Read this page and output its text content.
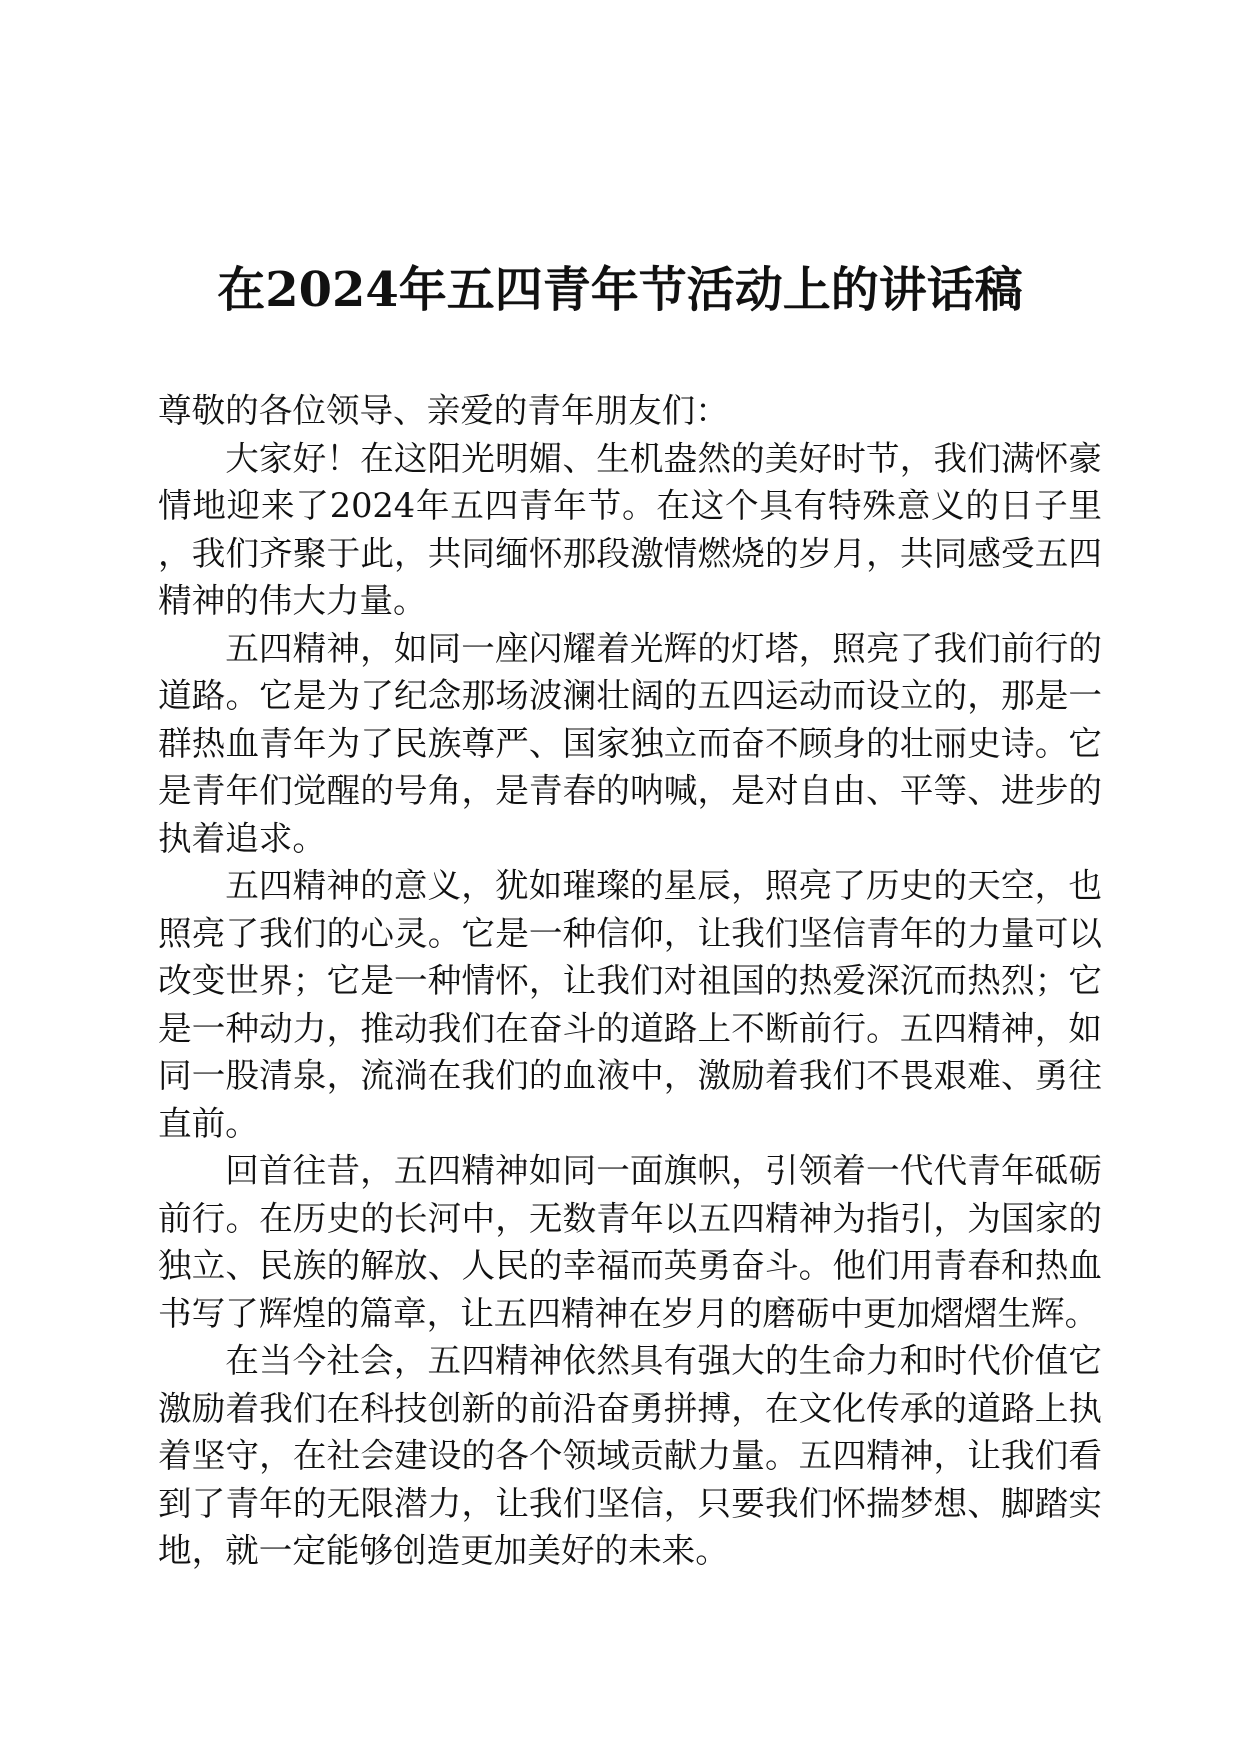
在2024年五四青年节活动上的讲话稿

尊敬的各位领导、亲爱的青年朋友们：

大家好！在这阳光明媚、生机盎然的美好时节，我们满怀豪情地迎来了2024年五四青年节。在这个具有特殊意义的日子里，我们齐聚于此，共同缅怀那段激情燃烧的岁月，共同感受五四精神的伟大力量。

五四精神，如同一座闪耀着光辉的灯塔，照亮了我们前行的道路。它是为了纪念那场波澜壮阔的五四运动而设立的，那是一群热血青年为了民族尊严、国家独立而奋不顾身的壮丽史诗。它是青年们觉醒的号角，是青春的呐喊，是对自由、平等、进步的执着追求。

五四精神的意义，犹如璀璨的星辰，照亮了历史的天空，也照亮了我们的心灵。它是一种信仰，让我们坚信青年的力量可以改变世界；它是一种情怀，让我们对祖国的热爱深沉而热烈；它是一种动力，推动我们在奋斗的道路上不断前行。五四精神，如同一股清泉，流淌在我们的血液中，激励着我们不畏艰难、勇往直前。

回首往昔，五四精神如同一面旗帜，引领着一代代青年砥砺前行。在历史的长河中，无数青年以五四精神为指引，为国家的独立、民族的解放、人民的幸福而英勇奋斗。他们用青春和热血书写了辉煌的篇章，让五四精神在岁月的磨砺中更加熠熠生辉。

在当今社会，五四精神依然具有强大的生命力和时代价值它激励着我们在科技创新的前沿奋勇拼搏，在文化传承的道路上执着坚守，在社会建设的各个领域贡献力量。五四精神，让我们看到了青年的无限潜力，让我们坚信，只要我们怀揣梦想、脚踏实地，就一定能够创造更加美好的未来。
